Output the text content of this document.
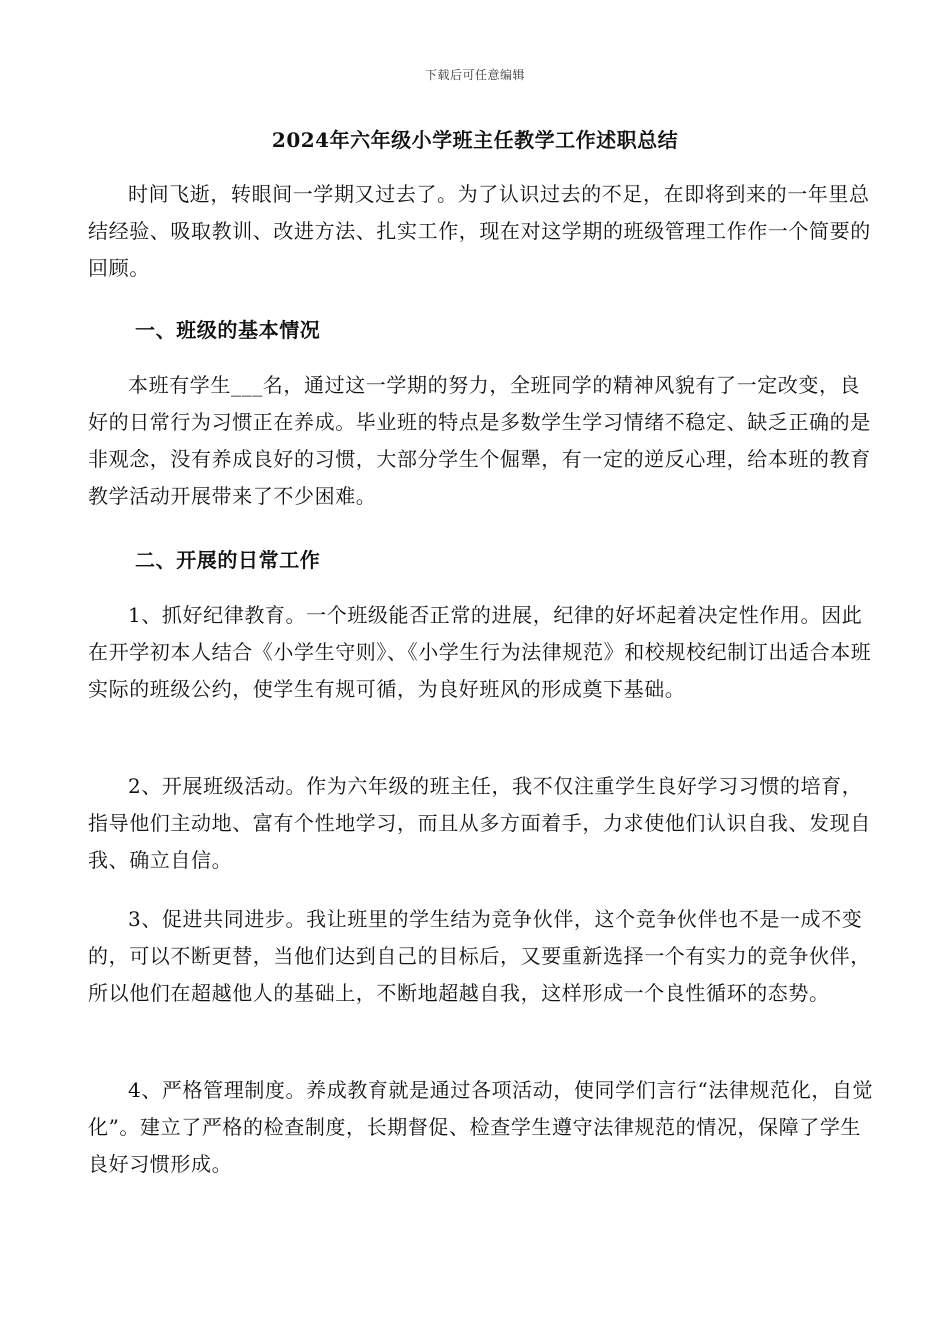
下载后可任意编辑
2024年六年级小学班主任教学工作述职总结

时间飞逝，转眼间一学期又过去了。为了认识过去的不足，在即将到来的一年里总结经验、吸取教训、改进方法、扎实工作，现在对这学期的班级管理工作作一个简要的回顾。

一、班级的基本情况

本班有学生___名，通过这一学期的努力，全班同学的精神风貌有了一定改变，良好的日常行为习惯正在养成。毕业班的特点是多数学生学习情绪不稳定、缺乏正确的是非观念，没有养成良好的习惯，大部分学生个倔犟，有一定的逆反心理，给本班的教育教学活动开展带来了不少困难。

二、开展的日常工作

1、抓好纪律教育。一个班级能否正常的进展，纪律的好坏起着决定性作用。因此在开学初本人结合《小学生守则》、《小学生行为法律规范》和校规校纪制订出适合本班实际的班级公约，使学生有规可循，为良好班风的形成奠下基础。

2、开展班级活动。作为六年级的班主任，我不仅注重学生良好学习习惯的培育，指导他们主动地、富有个性地学习，而且从多方面着手，力求使他们认识自我、发现自我、确立自信。

3、促进共同进步。我让班里的学生结为竞争伙伴，这个竞争伙伴也不是一成不变的，可以不断更替，当他们达到自己的目标后，又要重新选择一个有实力的竞争伙伴，所以他们在超越他人的基础上，不断地超越自我，这样形成一个良性循环的态势。

4、严格管理制度。养成教育就是通过各项活动，使同学们言行“法律规范化，自觉化”。建立了严格的检查制度，长期督促、检查学生遵守法律规范的情况，保障了学生良好习惯形成。
